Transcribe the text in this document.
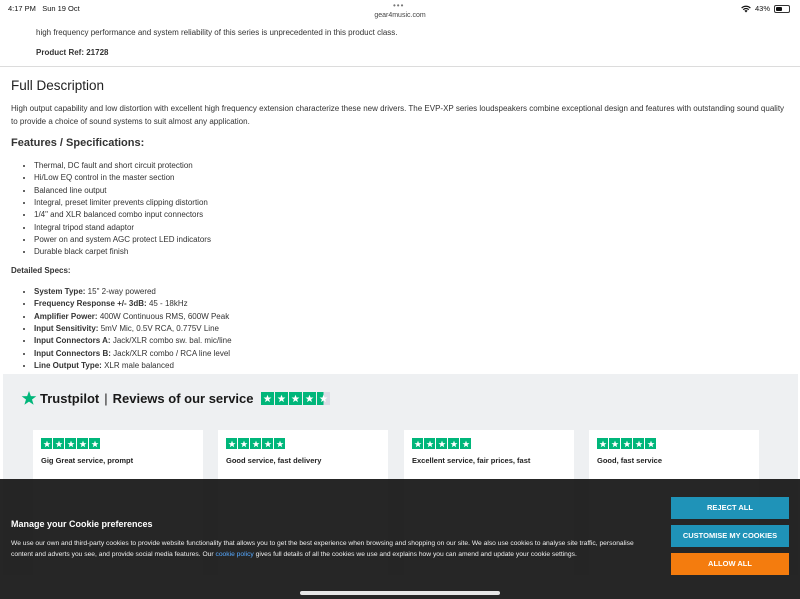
4:17 PM Sun 19 Oct	•••
gear4music.com
43%
high frequency performance and system reliability of this series is unprecedented in this product class.
Product Ref: 21728
Full Description

High output capability and low distortion with excellent high frequency extension characterize these new drivers. The EVP-XP series loudspeakers combine exceptional design and features with outstanding sound quality to provide a choice of sound systems to suit almost any application.

Features / Specifications:
• Thermal, DC fault and short circuit protection
• Hi/Low EQ control in the master section
• Balanced line output
• Integral, preset limiter prevents clipping distortion
• 1/4" and XLR balanced combo input connectors
• Integral tripod stand adaptor
• Power on and system AGC protect LED indicators
• Durable black carpet finish
Detailed Specs:
• System Type: 15" 2-way powered
• Frequency Response +/- 3dB: 45 - 18kHz
• Amplifier Power: 400W Continuous RMS, 600W Peak
• Input Sensitivity: 5mV Mic, 0.5V RCA, 0.775V Line
• Input Connectors A: Jack/XLR combo sw. bal. mic/line
• Input Connectors B: Jack/XLR combo / RCA line level
• Line Output Type: XLR male balanced
Trustpilot | Reviews of our service
Gig Great service, prompt	Good service, fast delivery	Excellent service, fair prices, fast	Good, fast service
Manage your Cookie preferences

We use our own and third-party cookies to provide website functionality that allows you to get the best experience when browsing and shopping on our site. We also use cookies to analyse site traffic, personalise content and adverts you see, and provide social media features. Our cookie policy gives full details of all the cookies we use and explains how you can amend and update your cookie settings.

REJECT ALL
CUSTOMISE MY COOKIES
ALLOW ALL
